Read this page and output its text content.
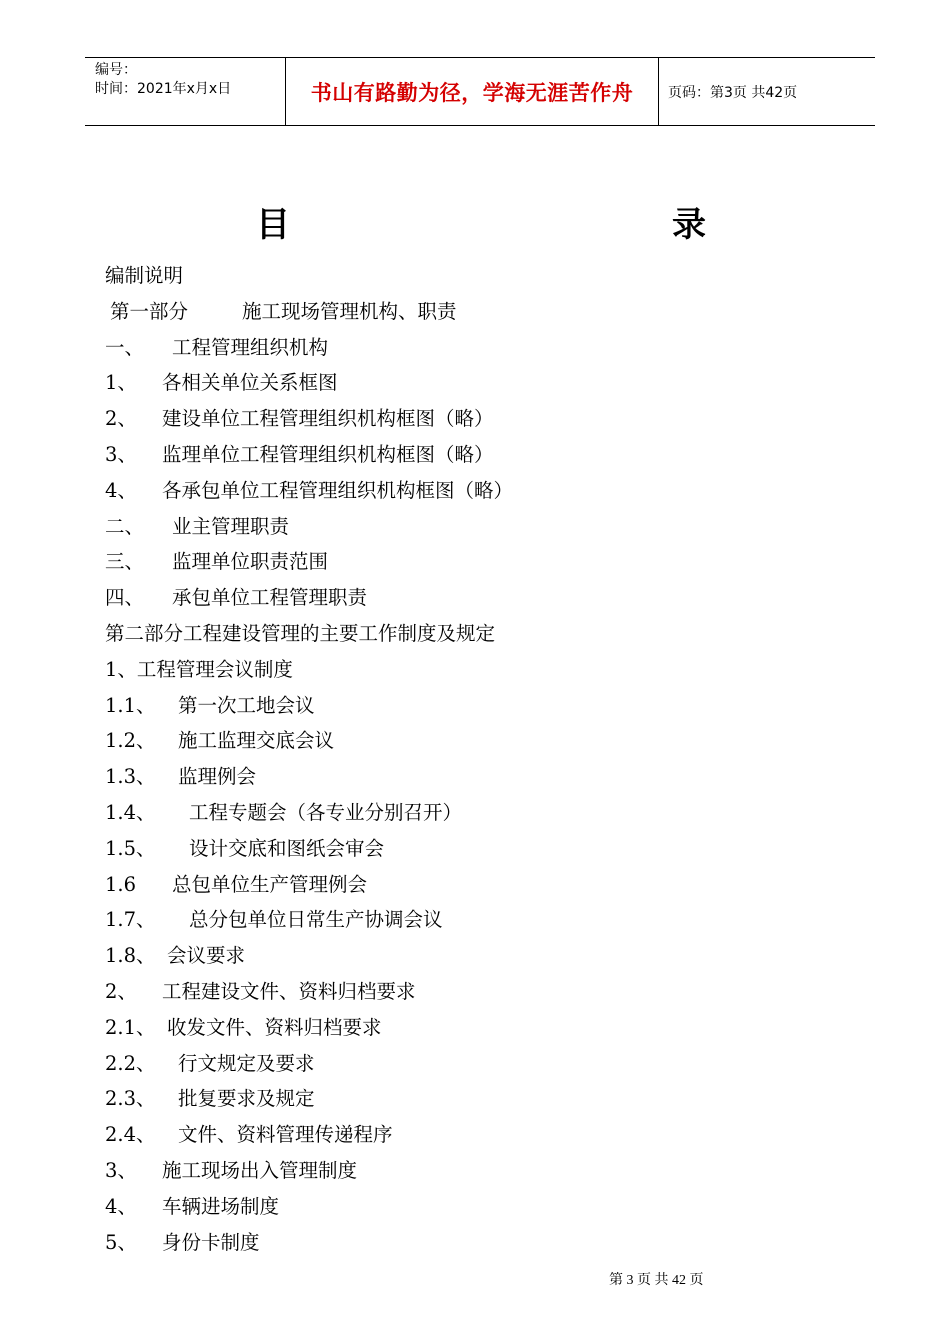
编号：
时间：2021年x月x日	书山有路勤为径，学海无涯苦作舟 页码：第3页 共42页
目	录
编制说明
第一部分	施工现场管理机构、职责
一、 工程管理组织机构
1、 各相关单位关系框图
2、 建设单位工程管理组织机构框图（略）
3、 监理单位工程管理组织机构框图（略）
4、 各承包单位工程管理组织机构框图（略）
二、 业主管理职责
三、 监理单位职责范围
四、 承包单位工程管理职责
第二部分工程建设管理的主要工作制度及规定
1、工程管理会议制度
1.1、 第一次工地会议
1.2、 施工监理交底会议
1.3、 监理例会
1.4、 工程专题会（各专业分别召开）
1.5、 设计交底和图纸会审会
1.6 总包单位生产管理例会
1.7、 总分包单位日常生产协调会议
1.8、 会议要求
2、 工程建设文件、资料归档要求
2.1、 收发文件、资料归档要求
2.2、 行文规定及要求
2.3、 批复要求及规定
2.4、 文件、资料管理传递程序
3、 施工现场出入管理制度
4、 车辆进场制度
5、 身份卡制度
第 3 页 共 42 页
